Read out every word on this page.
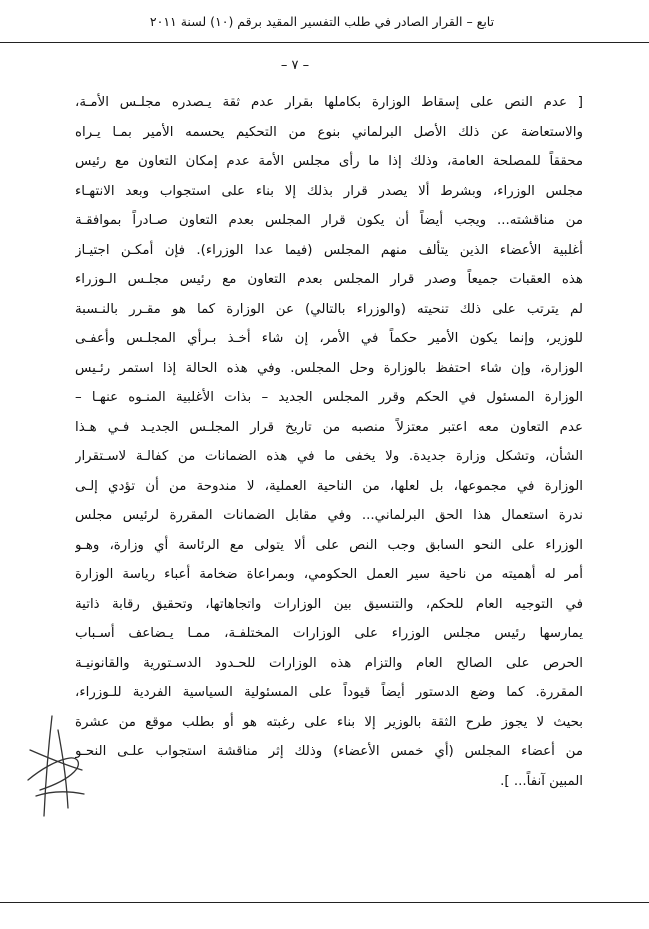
تابع – القرار الصادر في طلب التفسير المقيد برقم (١٠) لسنة ٢٠١١
– ٧ –
[ عدم النص على إسقاط الوزارة بكاملها بقرار عدم ثقة يـصدره مجلـس الأمـة،
والاستعاضة عن ذلك الأصل البرلماني بنوع من التحكيم يحسمه الأمير بمـا يـراه
محققاً للمصلحة العامة، وذلك إذا ما رأى مجلس الأمة عدم إمكان التعاون مع رئيس
مجلس الوزراء، وبشرط ألا يصدر قرار بذلك إلا بناء على استجواب وبعد الانتهـاء
من مناقشته... ويجب أيضاً أن يكون قرار المجلس بعدم التعاون صـادراً بموافقـة
أغلبية الأعضاء الذين يتألف منهم المجلس (فيما عدا الوزراء). فإن أمكـن اجتيـاز
هذه العقبات جميعاً وصدر قرار المجلس بعدم التعاون مع رئيس مجلـس الـوزراء
لم يترتب على ذلك تنحيته (والوزراء بالتالي) عن الوزارة كما هو مقـرر بالنـسبة
للوزير، وإنما يكون الأمير حكماً في الأمر، إن شاء أخـذ بـرأي المجلـس وأعفـى
الوزارة، وإن شاء احتفظ بالوزارة وحل المجلس. وفي هذه الحالة إذا استمر رئـيس
الوزارة المسئول في الحكم وقرر المجلس الجديد – بذات الأغلبية المنـوه عنهـا –
عدم التعاون معه اعتبر معتزلاً منصبه من تاريخ قرار المجلـس الجديـد فـي هـذا
الشأن، وتشكل وزارة جديدة. ولا يخفى ما في هذه الضمانات من كفالـة لاسـتقرار
الوزارة في مجموعها، بل لعلها، من الناحية العملية، لا مندوحة من أن تؤدي إلـى
ندرة استعمال هذا الحق البرلماني... وفي مقابل الضمانات المقررة لرئيس مجلس
الوزراء على النحو السابق وجب النص على ألا يتولى مع الرئاسة أي وزارة، وهـو
أمر له أهميته من ناحية سير العمل الحكومي، وبمراعاة ضخامة أعباء رياسة الوزارة
في التوجيه العام للحكم، والتنسيق بين الوزارات واتجاهاتها، وتحقيق رقابة ذاتية
يمارسها رئيس مجلس الوزراء على الوزارات المختلفـة، ممـا يـضاعف أسـباب
الحرص على الصالح العام والتزام هذه الوزارات للحـدود الدسـتورية والقانونيـة
المقررة. كما وضع الدستور أيضاً قيوداً على المسئولية السياسية الفردية للـوزراء،
بحيث لا يجوز طرح الثقة بالوزير إلا بناء على رغبته هو أو بطلب موقع من عشرة
من أعضاء المجلس (أي خمس الأعضاء) وذلك إثر مناقشة استجواب علـى النحـو
المبين آنفاً... ].
